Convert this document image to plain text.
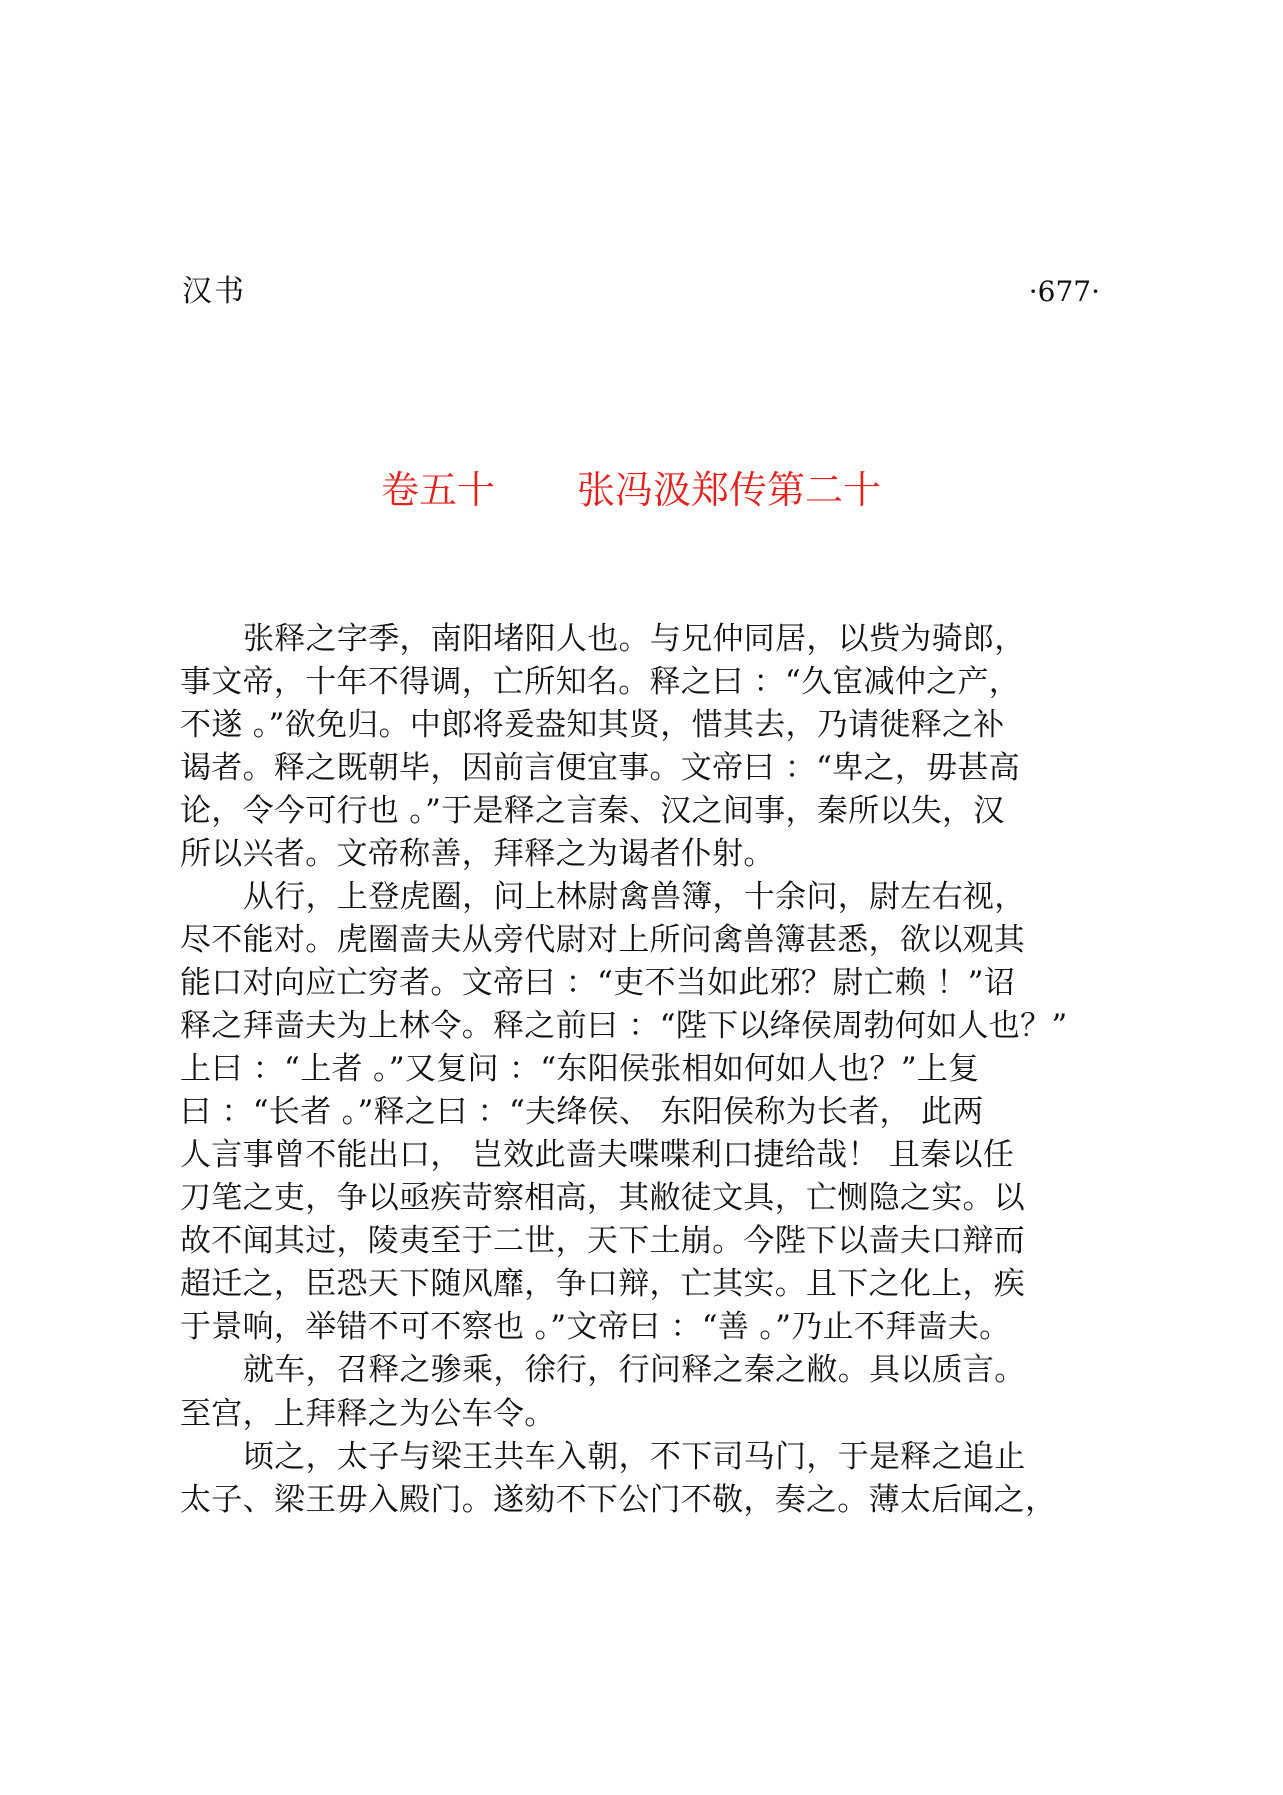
汉书	·677·
卷五十 张冯汲郑传第二十
张释之字季，南阳堵阳人也。与兄仲同居，以赀为骑郎，
事文帝，十年不得调，亡所知名。释之曰 ：“久宦减仲之产，
不遂 。”欲免归。中郎将爰盎知其贤，惜其去，乃请徙释之补
谒者。释之既朝毕，因前言便宜事。文帝曰 ：“卑之，毋甚高
论，令今可行也 。”于是释之言秦、汉之间事，秦所以失，汉
所以兴者。文帝称善，拜释之为谒者仆射。
从行，上登虎圈，问上林尉禽兽簿，十余问，尉左右视，
尽不能对。虎圈啬夫从旁代尉对上所问禽兽簿甚悉，欲以观其
能口对向应亡穷者。文帝曰 ：“吏不当如此邪？尉亡赖 ！”诏
释之拜啬夫为上林令。释之前曰 ：“陛下以绛侯周勃何如人也？”
上曰 ：“上者 。”又复问 ：“东阳侯张相如何如人也？”上复
曰 ：“长者 。”释之曰 ：“夫绛侯、 东阳侯称为长者， 此两
人言事曾不能出口， 岂效此啬夫喋喋利口捷给哉！ 且秦以任
刀笔之吏，争以亟疾苛察相高，其敝徒文具，亡恻隐之实。以
故不闻其过，陵夷至于二世，天下土崩。今陛下以啬夫口辩而
超迁之，臣恐天下随风靡，争口辩，亡其实。且下之化上，疾
于景响，举错不可不察也 。”文帝曰 ：“善 。”乃止不拜啬夫。
就车，召释之骖乘，徐行，行问释之秦之敝。具以质言。
至宫，上拜释之为公车令。
顷之，太子与梁王共车入朝，不下司马门，于是释之追止
太子、梁王毋入殿门。遂劾不下公门不敬，奏之。薄太后闻之，
